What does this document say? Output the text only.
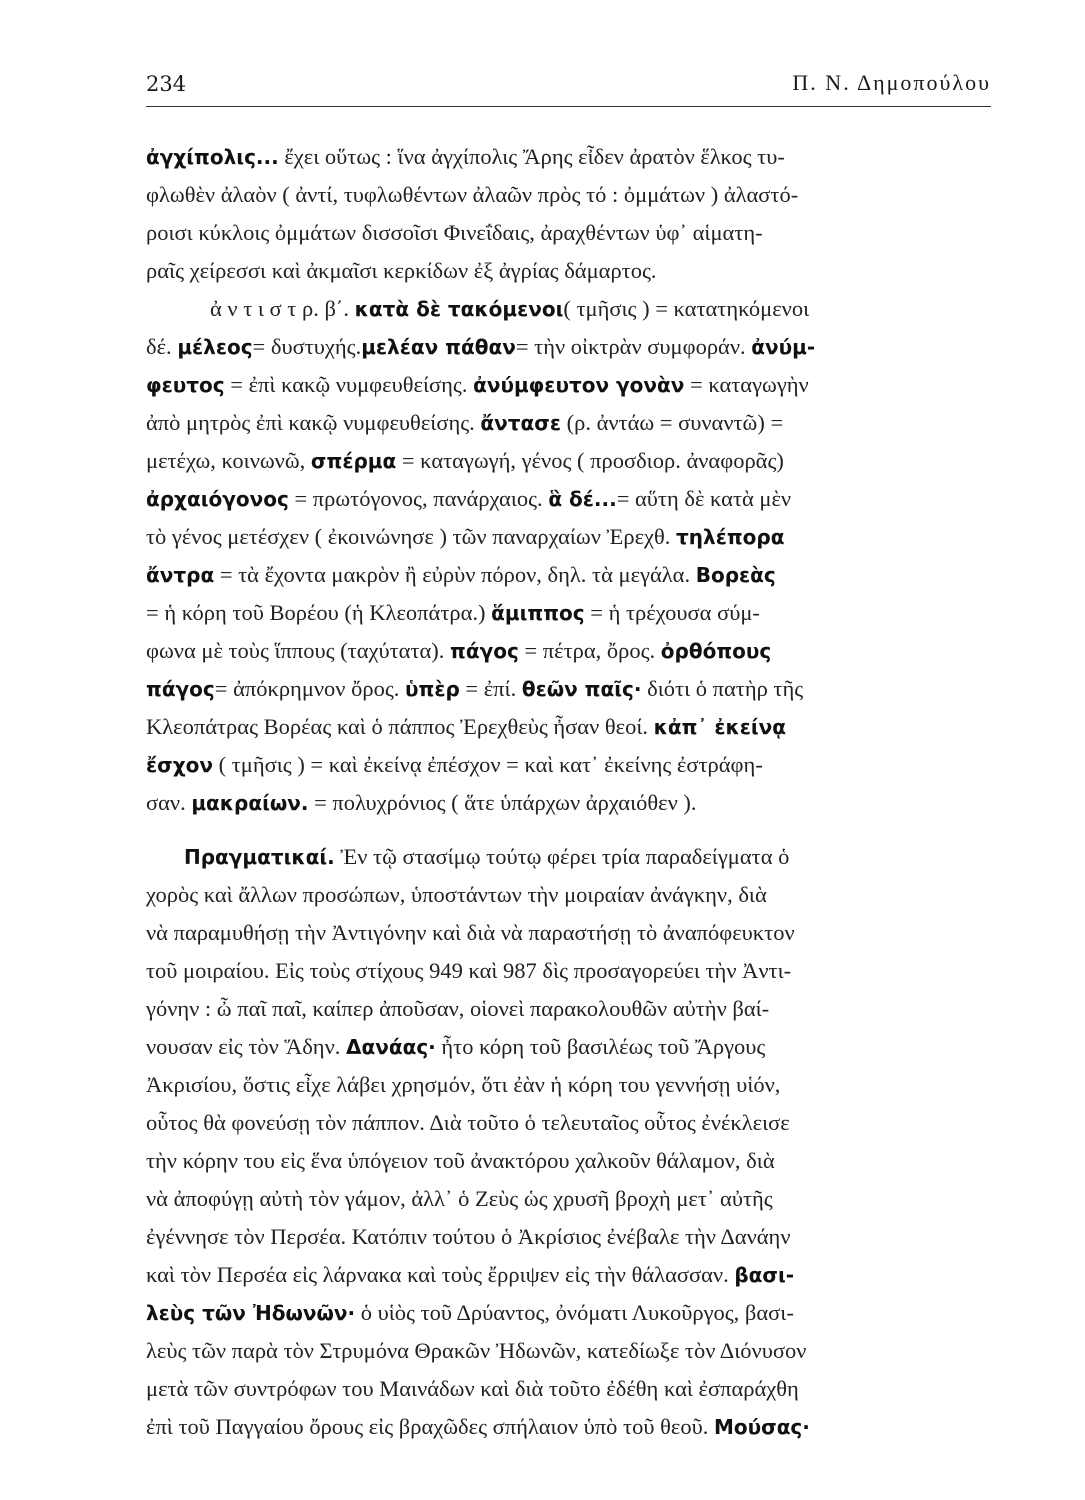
234	Π. Ν. Δημοπούλου
ἀγχίπολις... ἔχει οὕτως : ἵνα ἀγχίπολις Ἄρης εἶδεν ἀρατὸν ἕλκος τυ-
φλωθὲν ἀλαὸν ( ἀντί, τυφλωθέντων ἀλαῶν πρὸς τό : ὀμμάτων ) ἀλαστό-
ροισι κύκλοις ὀμμάτων δισσοῖσι Φινεΐδαις, ἀραχθέντων ὑφ᾽ αἱματη-
ραῖς χείρεσσι καὶ ἀκμαῖσι κερκίδων ἐξ ἀγρίας δάμαρτος.
ἀ ν τ ι σ τ ρ. β΄. κατὰ δὲ τακόμενοι( τμῆσις ) = κατατηκόμενοι
δέ. μέλεος= δυστυχής.μελέαν πάθαν= τὴν οἰκτρὰν συμφοράν. ἀνύμ-
φευτος = ἐπὶ κακῷ νυμφευθείσης. ἀνύμφευτον γονὰν = καταγωγὴν
ἀπὸ μητρὸς ἐπὶ κακῷ νυμφευθείσης. ἄντασε (ρ. ἀντάω = συναντῶ) =
μετέχω, κοινωνῶ, σπέρμα = καταγωγή, γένος ( προσδιορ. ἀναφορᾶς)
ἀρχαιόγονος = πρωτόγονος, πανάρχαιος. ἃ δέ...= αὕτη δὲ κατὰ μὲν
τὸ γένος μετέσχεν ( ἐκοινώνησε ) τῶν παναρχαίων Ἐρεχθ. τηλέπορα
ἄντρα = τὰ ἔχοντα μακρὸν ἢ εὐρὺν πόρον, δηλ. τὰ μεγάλα. Βορεὰς
= ἡ κόρη τοῦ Βορέου (ἡ Κλεοπάτρα.) ἅμιππος = ἡ τρέχουσα σύμ-
φωνα μὲ τοὺς ἵππους (ταχύτατα). πάγος = πέτρα, ὄρος. ὀρθόπους
πάγος= ἀπόκρημνον ὄρος. ὑπὲρ = ἐπί. θεῶν παῖς· διότι ὁ πατὴρ τῆς
Κλεοπάτρας Βορέας καὶ ὁ πάππος Ἐρεχθεὺς ἦσαν θεοί. κἀπ᾽ ἐκείνᾳ
ἔσχον ( τμῆσις ) = καὶ ἐκείνᾳ ἐπέσχον = καὶ κατ᾽ ἐκείνης ἐστράφη-
σαν. μακραίων. = πολυχρόνιος ( ἅτε ὑπάρχων ἀρχαιόθεν ).
Πραγματικαί. Ἐν τῷ στασίμῳ τούτῳ φέρει τρία παραδείγματα ὁ
χορὸς καὶ ἄλλων προσώπων, ὑποστάντων τὴν μοιραίαν ἀνάγκην, διὰ
νὰ παραμυθήσῃ τὴν Ἀντιγόνην καὶ διὰ νὰ παραστήσῃ τὸ ἀναπόφευκτον
τοῦ μοιραίου. Εἰς τοὺς στίχους 949 καὶ 987 δὶς προσαγορεύει τὴν Ἀντι-
γόνην : ὦ παῖ παῖ, καίπερ ἀποῦσαν, οἱονεὶ παρακολουθῶν αὐτὴν βαί-
νουσαν εἰς τὸν Ἅδην. Δανάας· ἦτο κόρη τοῦ βασιλέως τοῦ Ἄργους
Ἀκρισίου, ὅστις εἶχε λάβει χρησμόν, ὅτι ἐὰν ἡ κόρη του γεννήσῃ υἱόν,
οὗτος θὰ φονεύσῃ τὸν πάππον. Διὰ τοῦτο ὁ τελευταῖος οὗτος ἐνέκλεισε
τὴν κόρην του εἰς ἕνα ὑπόγειον τοῦ ἀνακτόρου χαλκοῦν θάλαμον, διὰ
νὰ ἀποφύγῃ αὐτὴ τὸν γάμον, ἀλλ᾽ ὁ Ζεὺς ὡς χρυσῆ βροχὴ μετ᾽ αὐτῆς
ἐγέννησε τὸν Περσέα. Κατόπιν τούτου ὁ Ἀκρίσιος ἐνέβαλε τὴν Δανάην
καὶ τὸν Περσέα εἰς λάρνακα καὶ τοὺς ἔρριψεν εἰς τὴν θάλασσαν. βασι-
λεὺς τῶν Ἠδωνῶν· ὁ υἱὸς τοῦ Δρύαντος, ὀνόματι Λυκοῦργος, βασι-
λεὺς τῶν παρὰ τὸν Στρυμόνα Θρακῶν Ἠδωνῶν, κατεδίωξε τὸν Διόνυσον
μετὰ τῶν συντρόφων του Μαινάδων καὶ διὰ τοῦτο ἐδέθη καὶ ἐσπαράχθη
ἐπὶ τοῦ Παγγαίου ὄρους εἰς βραχῶδες σπήλαιον ὑπὸ τοῦ θεοῦ. Μούσας·
